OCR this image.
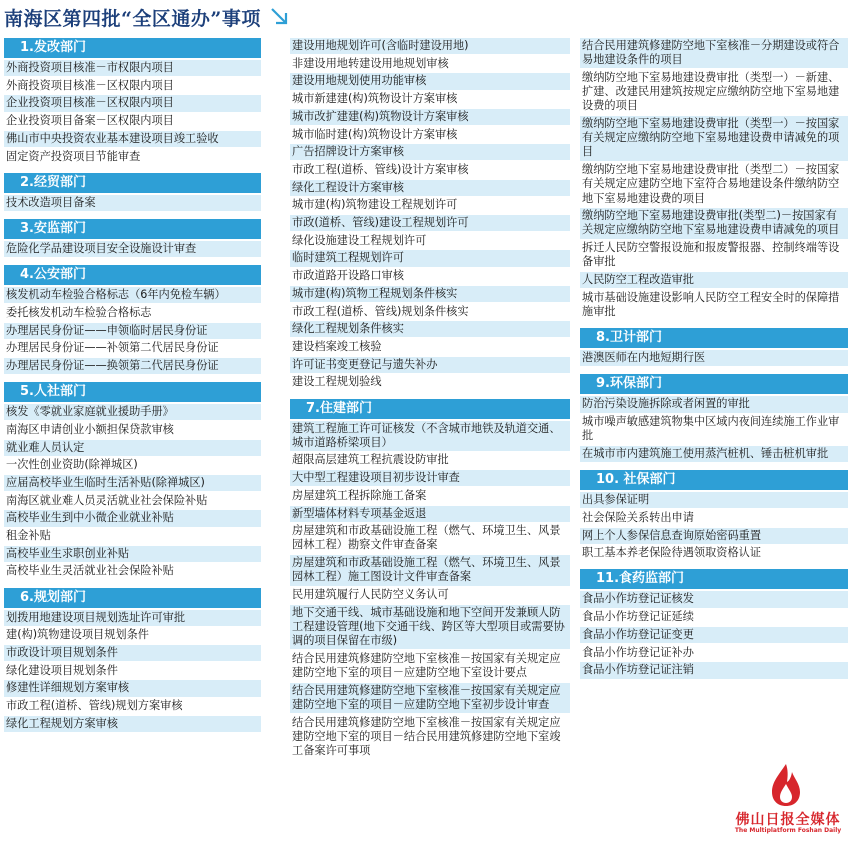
南海区第四批“全区通办”事项
1.发改部门
外商投资项目核准－市权限内项目
外商投资项目核准－区权限内项目
企业投资项目核准－区权限内项目
企业投资项目备案－区权限内项目
佛山市中央投资农业基本建设项目竣工验收
固定资产投资项目节能审查
2.经贸部门
技术改造项目备案
3.安监部门
危险化学品建设项目安全设施设计审查
4.公安部门
核发机动车检验合格标志（6年内免检车辆）
委托核发机动车检验合格标志
办理居民身份证——申领临时居民身份证
办理居民身份证——补领第二代居民身份证
办理居民身份证——换领第二代居民身份证
5.人社部门
核发《零就业家庭就业援助手册》
南海区申请创业小额担保贷款审核
就业难人员认定
一次性创业资助(除禅城区)
应届高校毕业生临时生活补贴(除禅城区)
南海区就业难人员灵活就业社会保险补贴
高校毕业生到中小微企业就业补贴
租金补贴
高校毕业生求职创业补贴
高校毕业生灵活就业社会保险补贴
6.规划部门
划拨用地建设项目规划选址许可审批
建(构)筑物建设项目规划条件
市政设计项目规划条件
绿化建设项目规划条件
修建性详细规划方案审核
市政工程(道桥、管线)规划方案审核
绿化工程规划方案审核
建设用地规划许可(含临时建设用地)
非建设用地转建设用地规划审核
建设用地规划使用功能审核
城市新建建(构)筑物设计方案审核
城市改扩建建(构)筑物设计方案审核
城市临时建(构)筑物设计方案审核
广告招牌设计方案审核
市政工程(道桥、管线)设计方案审核
绿化工程设计方案审核
城市建(构)筑物建设工程规划许可
市政(道桥、管线)建设工程规划许可
绿化设施建设工程规划许可
临时建筑工程规划许可
市政道路开设路口审核
城市建(构)筑物工程规划条件核实
市政工程(道桥、管线)规划条件核实
绿化工程规划条件核实
建设档案竣工核验
许可证书变更登记与遗失补办
建设工程规划验线
7.住建部门
建筑工程施工许可证核发（不含城市地铁及轨道交通、城市道路桥梁项目）
超限高层建筑工程抗震设防审批
大中型工程建设项目初步设计审查
房屋建筑工程拆除施工备案
新型墙体材料专项基金返退
房屋建筑和市政基础设施工程（燃气、环境卫生、风景园林工程）勘察文件审查备案
房屋建筑和市政基础设施工程（燃气、环境卫生、风景园林工程）施工图设计文件审查备案
民用建筑履行人民防空义务认可
地下交通干线、城市基础设施和地下空间开发兼顾人防工程建设管理(地下交通干线、跨区等大型项目或需要协调的项目保留在市级)
结合民用建筑修建防空地下室核准－按国家有关规定应建防空地下室的项目－应建防空地下室设计要点
结合民用建筑修建防空地下室核准－按国家有关规定应建防空地下室的项目－应建防空地下室初步设计审查
结合民用建筑修建防空地下室核准－按国家有关规定应建防空地下室的项目－结合民用建筑修建防空地下室竣工备案许可事项
结合民用建筑修建防空地下室核准－分期建设或符合易地建设条件的项目
缴纳防空地下室易地建设费审批（类型一）－新建、扩建、改建民用建筑按规定应缴纳防空地下室易地建设费的项目
缴纳防空地下室易地建设费审批（类型一）－按国家有关规定应缴纳防空地下室易地建设费申请减免的项目
缴纳防空地下室易地建设费审批（类型二）－按国家有关规定应建防空地下室符合易地建设条件缴纳防空地下室易地建设费的项目
缴纳防空地下室易地建设费审批(类型二)－按国家有关规定应缴纳防空地下室易地建设费申请减免的项目
拆迁人民防空警报设施和报废警报器、控制终端等设备审批
人民防空工程改造审批
城市基础设施建设影响人民防空工程安全时的保障措施审批
8.卫计部门
港澳医师在内地短期行医
9.环保部门
防治污染设施拆除或者闲置的审批
城市噪声敏感建筑物集中区域内夜间连续施工作业审批
在城市市内建筑施工使用蒸汽桩机、锤击桩机审批
10. 社保部门
出具参保证明
社会保险关系转出申请
网上个人参保信息查询原始密码重置
职工基本养老保险待遇领取资格认证
11.食药监部门
食品小作坊登记证核发
食品小作坊登记证延续
食品小作坊登记证变更
食品小作坊登记证补办
食品小作坊登记证注销
佛山日报全媒体
The Multiplatform Foshan Daily
